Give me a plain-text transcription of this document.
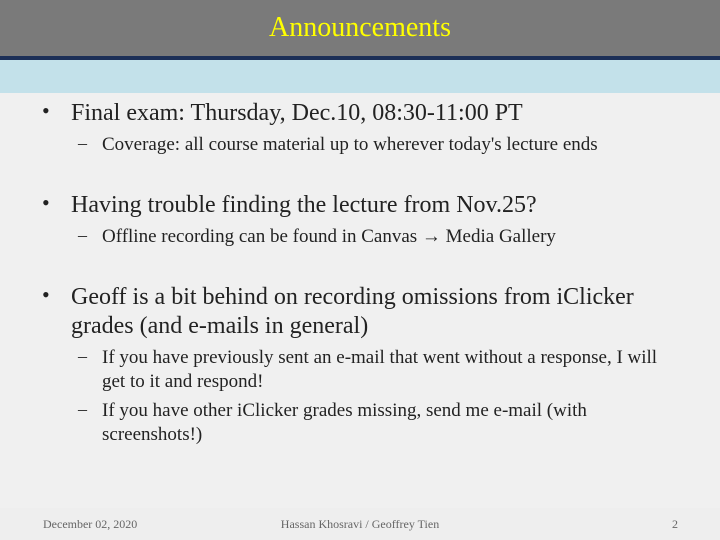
Announcements
• Final exam: Thursday, Dec.10, 08:30-11:00 PT
– Coverage: all course material up to wherever today's lecture ends
• Having trouble finding the lecture from Nov.25?
– Offline recording can be found in Canvas → Media Gallery
• Geoff is a bit behind on recording omissions from iClicker grades (and e-mails in general)
– If you have previously sent an e-mail that went without a response, I will get to it and respond!
– If you have other iClicker grades missing, send me e-mail (with screenshots!)
December 02, 2020	Hassan Khosravi / Geoffrey Tien	2
